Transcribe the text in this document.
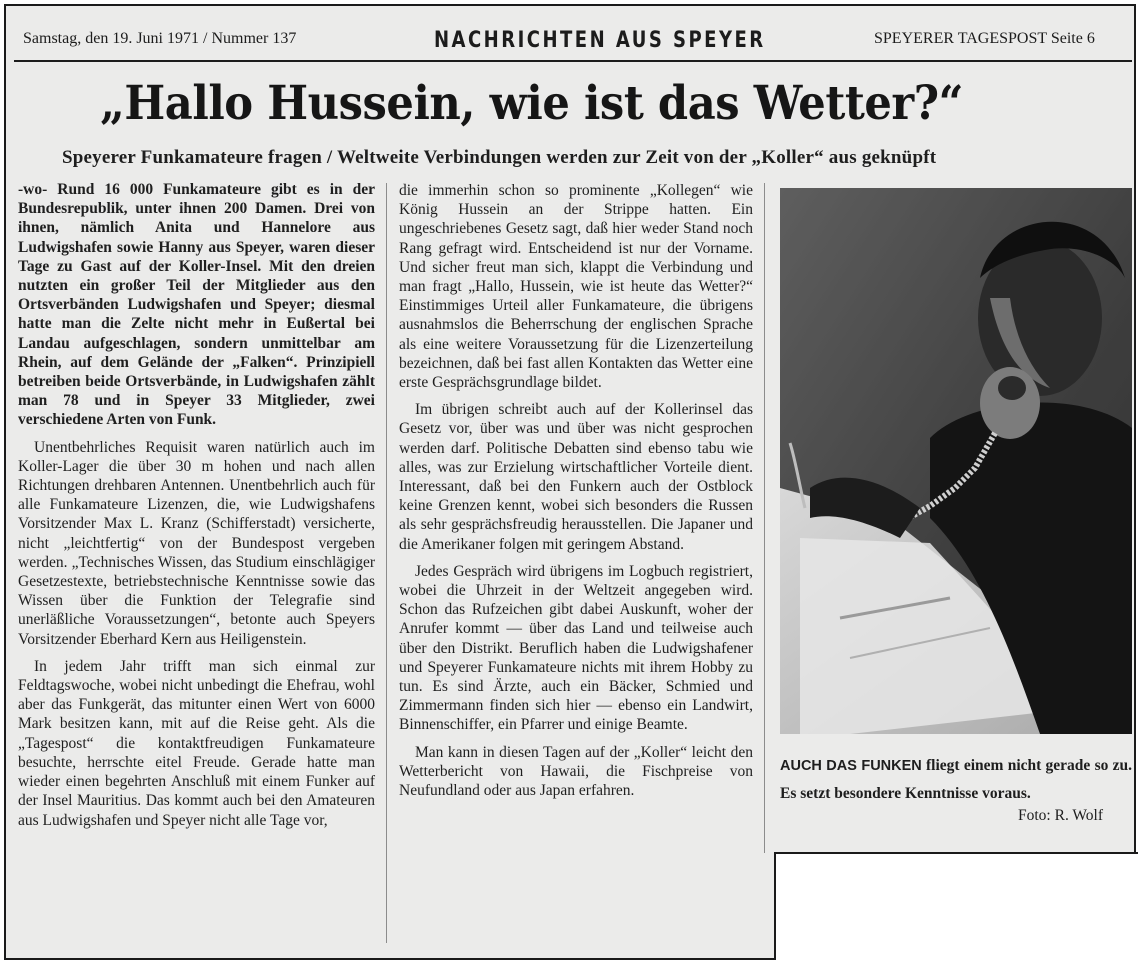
Samstag, den 19. Juni 1971 / Nummer 137	NACHRICHTEN AUS SPEYER	SPEYERER TAGESPOST Seite 6
„Hallo Hussein, wie ist das Wetter?“
Speyerer Funkamateure fragen / Weltweite Verbindungen werden zur Zeit von der „Koller“ aus geknüpft

-wo- Rund 16 000 Funkamateure gibt es in der Bundesrepublik, unter ihnen 200 Damen. Drei von ihnen, nämlich Anita und Hannelore aus Ludwigshafen sowie Hanny aus Speyer, waren dieser Tage zu Gast auf der Koller-Insel. Mit den dreien nutzten ein großer Teil der Mitglieder aus den Ortsverbänden Ludwigshafen und Speyer; diesmal hatte man die Zelte nicht mehr in Eußertal bei Landau aufgeschlagen, sondern unmittelbar am Rhein, auf dem Gelände der „Falken“. Prinzipiell betreiben beide Ortsverbände, in Ludwigshafen zählt man 78 und in Speyer 33 Mitglieder, zwei verschiedene Arten von Funk.

Unentbehrliches Requisit waren natürlich auch im Koller-Lager die über 30 m hohen und nach allen Richtungen drehbaren Antennen. Unentbehrlich auch für alle Funkamateure Lizenzen, die, wie Ludwigshafens Vorsitzender Max L. Kranz (Schifferstadt) versicherte, nicht „leichtfertig“ von der Bundespost vergeben werden. „Technisches Wissen, das Studium einschlägiger Gesetzestexte, betriebstechnische Kenntnisse sowie das Wissen über die Funktion der Telegrafie sind unerläßliche Voraussetzungen“, betonte auch Speyers Vorsitzender Eberhard Kern aus Heiligenstein.

In jedem Jahr trifft man sich einmal zur Feldtagswoche, wobei nicht unbedingt die Ehefrau, wohl aber das Funkgerät, das mitunter einen Wert von 6000 Mark besitzen kann, mit auf die Reise geht. Als die „Tagespost“ die kontaktfreudigen Funkamateure besuchte, herrschte eitel Freude. Gerade hatte man wieder einen begehrten Anschluß mit einem Funker auf der Insel Mauritius. Das kommt auch bei den Amateuren aus Ludwigshafen und Speyer nicht alle Tage vor,

die immerhin schon so prominente „Kollegen“ wie König Hussein an der Strippe hatten. Ein ungeschriebenes Gesetz sagt, daß hier weder Stand noch Rang gefragt wird. Entscheidend ist nur der Vorname. Und sicher freut man sich, klappt die Verbindung und man fragt „Hallo, Hussein, wie ist heute das Wetter?“ Einstimmiges Urteil aller Funkamateure, die übrigens ausnahmslos die Beherrschung der englischen Sprache als eine weitere Voraussetzung für die Lizenzerteilung bezeichnen, daß bei fast allen Kontakten das Wetter eine erste Gesprächsgrundlage bildet.

Im übrigen schreibt auch auf der Kollerinsel das Gesetz vor, über was und über was nicht gesprochen werden darf. Politische Debatten sind ebenso tabu wie alles, was zur Erzielung wirtschaftlicher Vorteile dient. Interessant, daß bei den Funkern auch der Ostblock keine Grenzen kennt, wobei sich besonders die Russen als sehr gesprächsfreudig herausstellen. Die Japaner und die Amerikaner folgen mit geringem Abstand.

Jedes Gespräch wird übrigens im Logbuch registriert, wobei die Uhrzeit in der Weltzeit angegeben wird. Schon das Rufzeichen gibt dabei Auskunft, woher der Anrufer kommt — über das Land und teilweise auch über den Distrikt. Beruflich haben die Ludwigshafener und Speyerer Funkamateure nichts mit ihrem Hobby zu tun. Es sind Ärzte, auch ein Bäcker, Schmied und Zimmermann finden sich hier — ebenso ein Landwirt, Binnenschiffer, ein Pfarrer und einige Beamte.

Man kann in diesen Tagen auf der „Koller“ leicht den Wetterbericht von Hawaii, die Fischpreise von Neufundland oder aus Japan erfahren.

AUCH DAS FUNKEN fliegt einem nicht gerade so zu. Es setzt besondere Kenntnisse voraus.
Foto: R. Wolf
